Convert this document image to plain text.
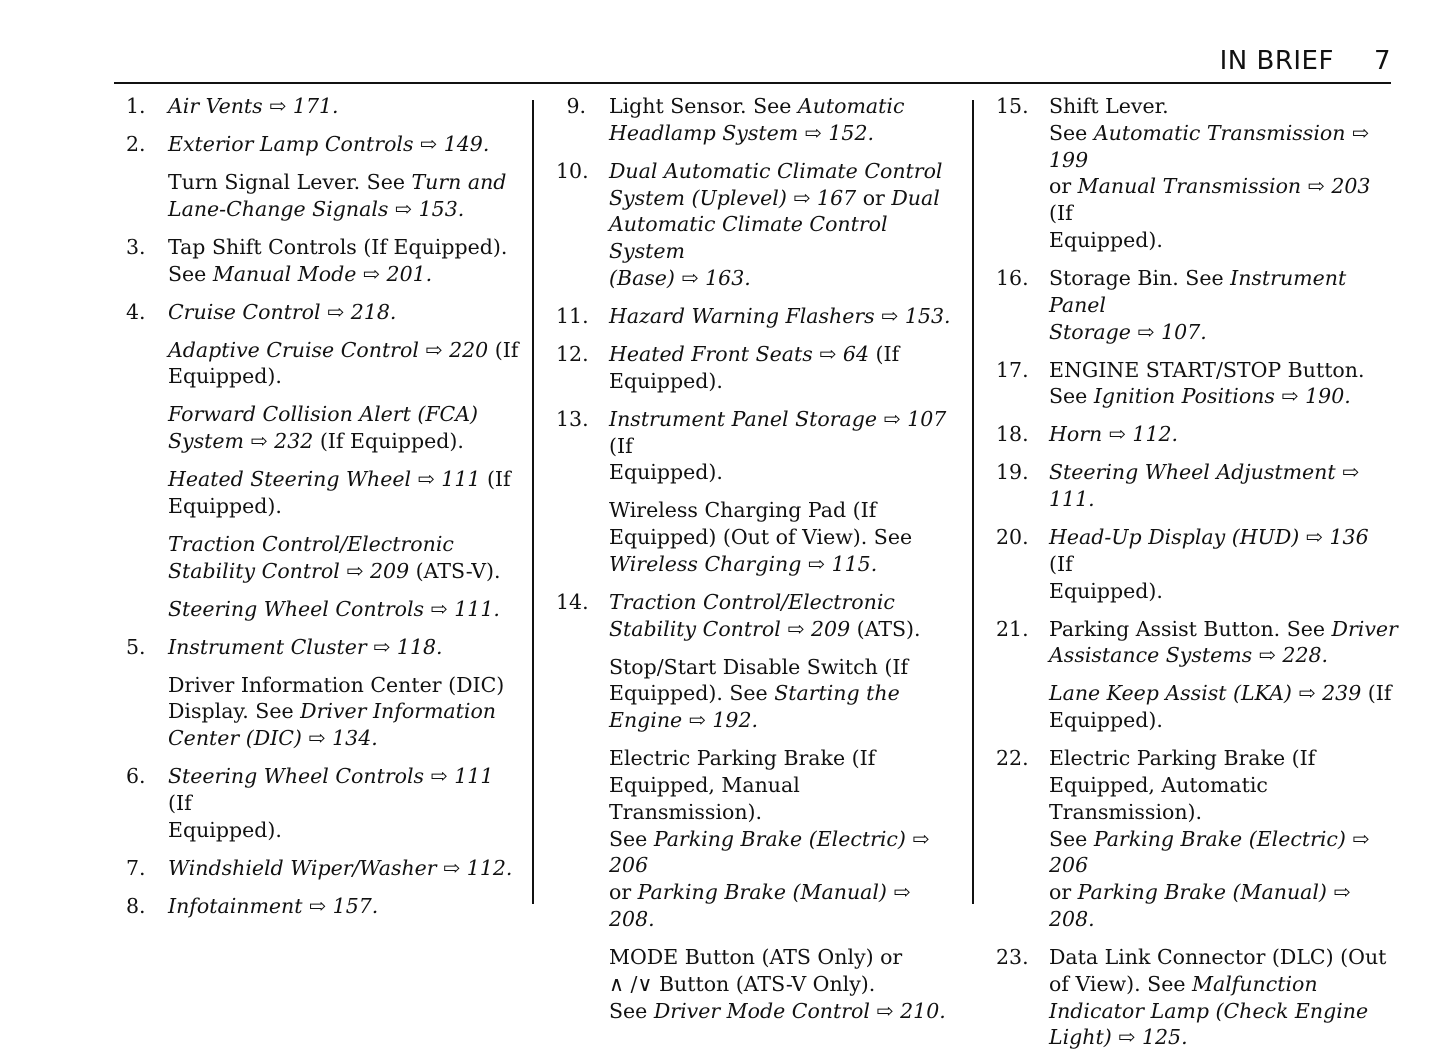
IN BRIEF 7
1. Air Vents ⇨ 171.
2. Exterior Lamp Controls ⇨ 149.
Turn Signal Lever. See Turn and
Lane-Change Signals ⇨ 153.
3. Tap Shift Controls (If Equipped).
See Manual Mode ⇨ 201.
4. Cruise Control ⇨ 218.
Adaptive Cruise Control ⇨ 220 (If
Equipped).
Forward Collision Alert (FCA)
System ⇨ 232 (If Equipped).
Heated Steering Wheel ⇨ 111 (If
Equipped).
Traction Control/Electronic
Stability Control ⇨ 209 (ATS-V).
Steering Wheel Controls ⇨ 111.
5. Instrument Cluster ⇨ 118.
Driver Information Center (DIC)
Display. See Driver Information
Center (DIC) ⇨ 134.
6. Steering Wheel Controls ⇨ 111 (If
Equipped).
7. Windshield Wiper/Washer ⇨ 112.
8. Infotainment ⇨ 157.
9. Light Sensor. See Automatic
Headlamp System ⇨ 152.
10. Dual Automatic Climate Control
System (Uplevel) ⇨ 167 or Dual
Automatic Climate Control System
(Base) ⇨ 163.
11. Hazard Warning Flashers ⇨ 153.
12. Heated Front Seats ⇨ 64 (If
Equipped).
13. Instrument Panel Storage ⇨ 107 (If
Equipped).
Wireless Charging Pad (If
Equipped) (Out of View). See
Wireless Charging ⇨ 115.
14. Traction Control/Electronic
Stability Control ⇨ 209 (ATS).
Stop/Start Disable Switch (If
Equipped). See Starting the
Engine ⇨ 192.
Electric Parking Brake (If
Equipped, Manual Transmission).
See Parking Brake (Electric) ⇨ 206
or Parking Brake (Manual) ⇨ 208.
MODE Button (ATS Only) or
∧ /∨ Button (ATS-V Only).
See Driver Mode Control ⇨ 210.
15. Shift Lever.
See Automatic Transmission ⇨ 199
or Manual Transmission ⇨ 203 (If
Equipped).
16. Storage Bin. See Instrument Panel
Storage ⇨ 107.
17. ENGINE START/STOP Button.
See Ignition Positions ⇨ 190.
18. Horn ⇨ 112.
19. Steering Wheel Adjustment ⇨ 111.
20. Head-Up Display (HUD) ⇨ 136 (If
Equipped).
21. Parking Assist Button. See Driver
Assistance Systems ⇨ 228.
Lane Keep Assist (LKA) ⇨ 239 (If
Equipped).
22. Electric Parking Brake (If
Equipped, Automatic
Transmission).
See Parking Brake (Electric) ⇨ 206
or Parking Brake (Manual) ⇨ 208.
23. Data Link Connector (DLC) (Out
of View). See Malfunction
Indicator Lamp (Check Engine
Light) ⇨ 125.
